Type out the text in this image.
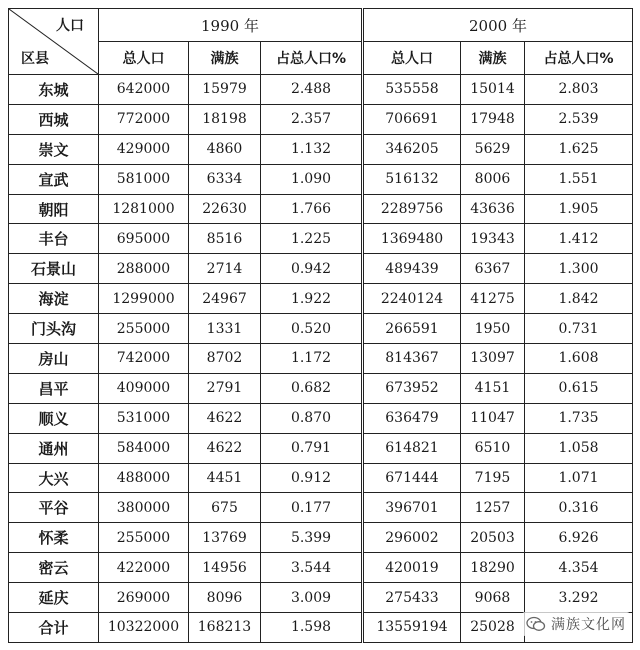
人口
区县	1990 年			2000 年		
	总人口	满族	占总人口%	总人口	满族	占总人口%
东城	642000	15979	2.488	535558	15014	2.803
西城	772000	18198	2.357	706691	17948	2.539
崇文	429000	4860	1.132	346205	5629	1.625
宣武	581000	6334	1.090	516132	8006	1.551
朝阳	1281000	22630	1.766	2289756	43636	1.905
丰台	695000	8516	1.225	1369480	19343	1.412
石景山	288000	2714	0.942	489439	6367	1.300
海淀	1299000	24967	1.922	2240124	41275	1.842
门头沟	255000	1331	0.520	266591	1950	0.731
房山	742000	8702	1.172	814367	13097	1.608
昌平	409000	2791	0.682	673952	4151	0.615
顺义	531000	4622	0.870	636479	11047	1.735
通州	584000	4622	0.791	614821	6510	1.058
大兴	488000	4451	0.912	671444	7195	1.071
平谷	380000	675	0.177	396701	1257	0.316
怀柔	255000	13769	5.399	296002	20503	6.926
密云	422000	14956	3.544	420019	18290	4.354
延庆	269000	8096	3.009	275433	9068	3.292
合计	10322000	168213	1.598	13559194	25028		满族文化网
